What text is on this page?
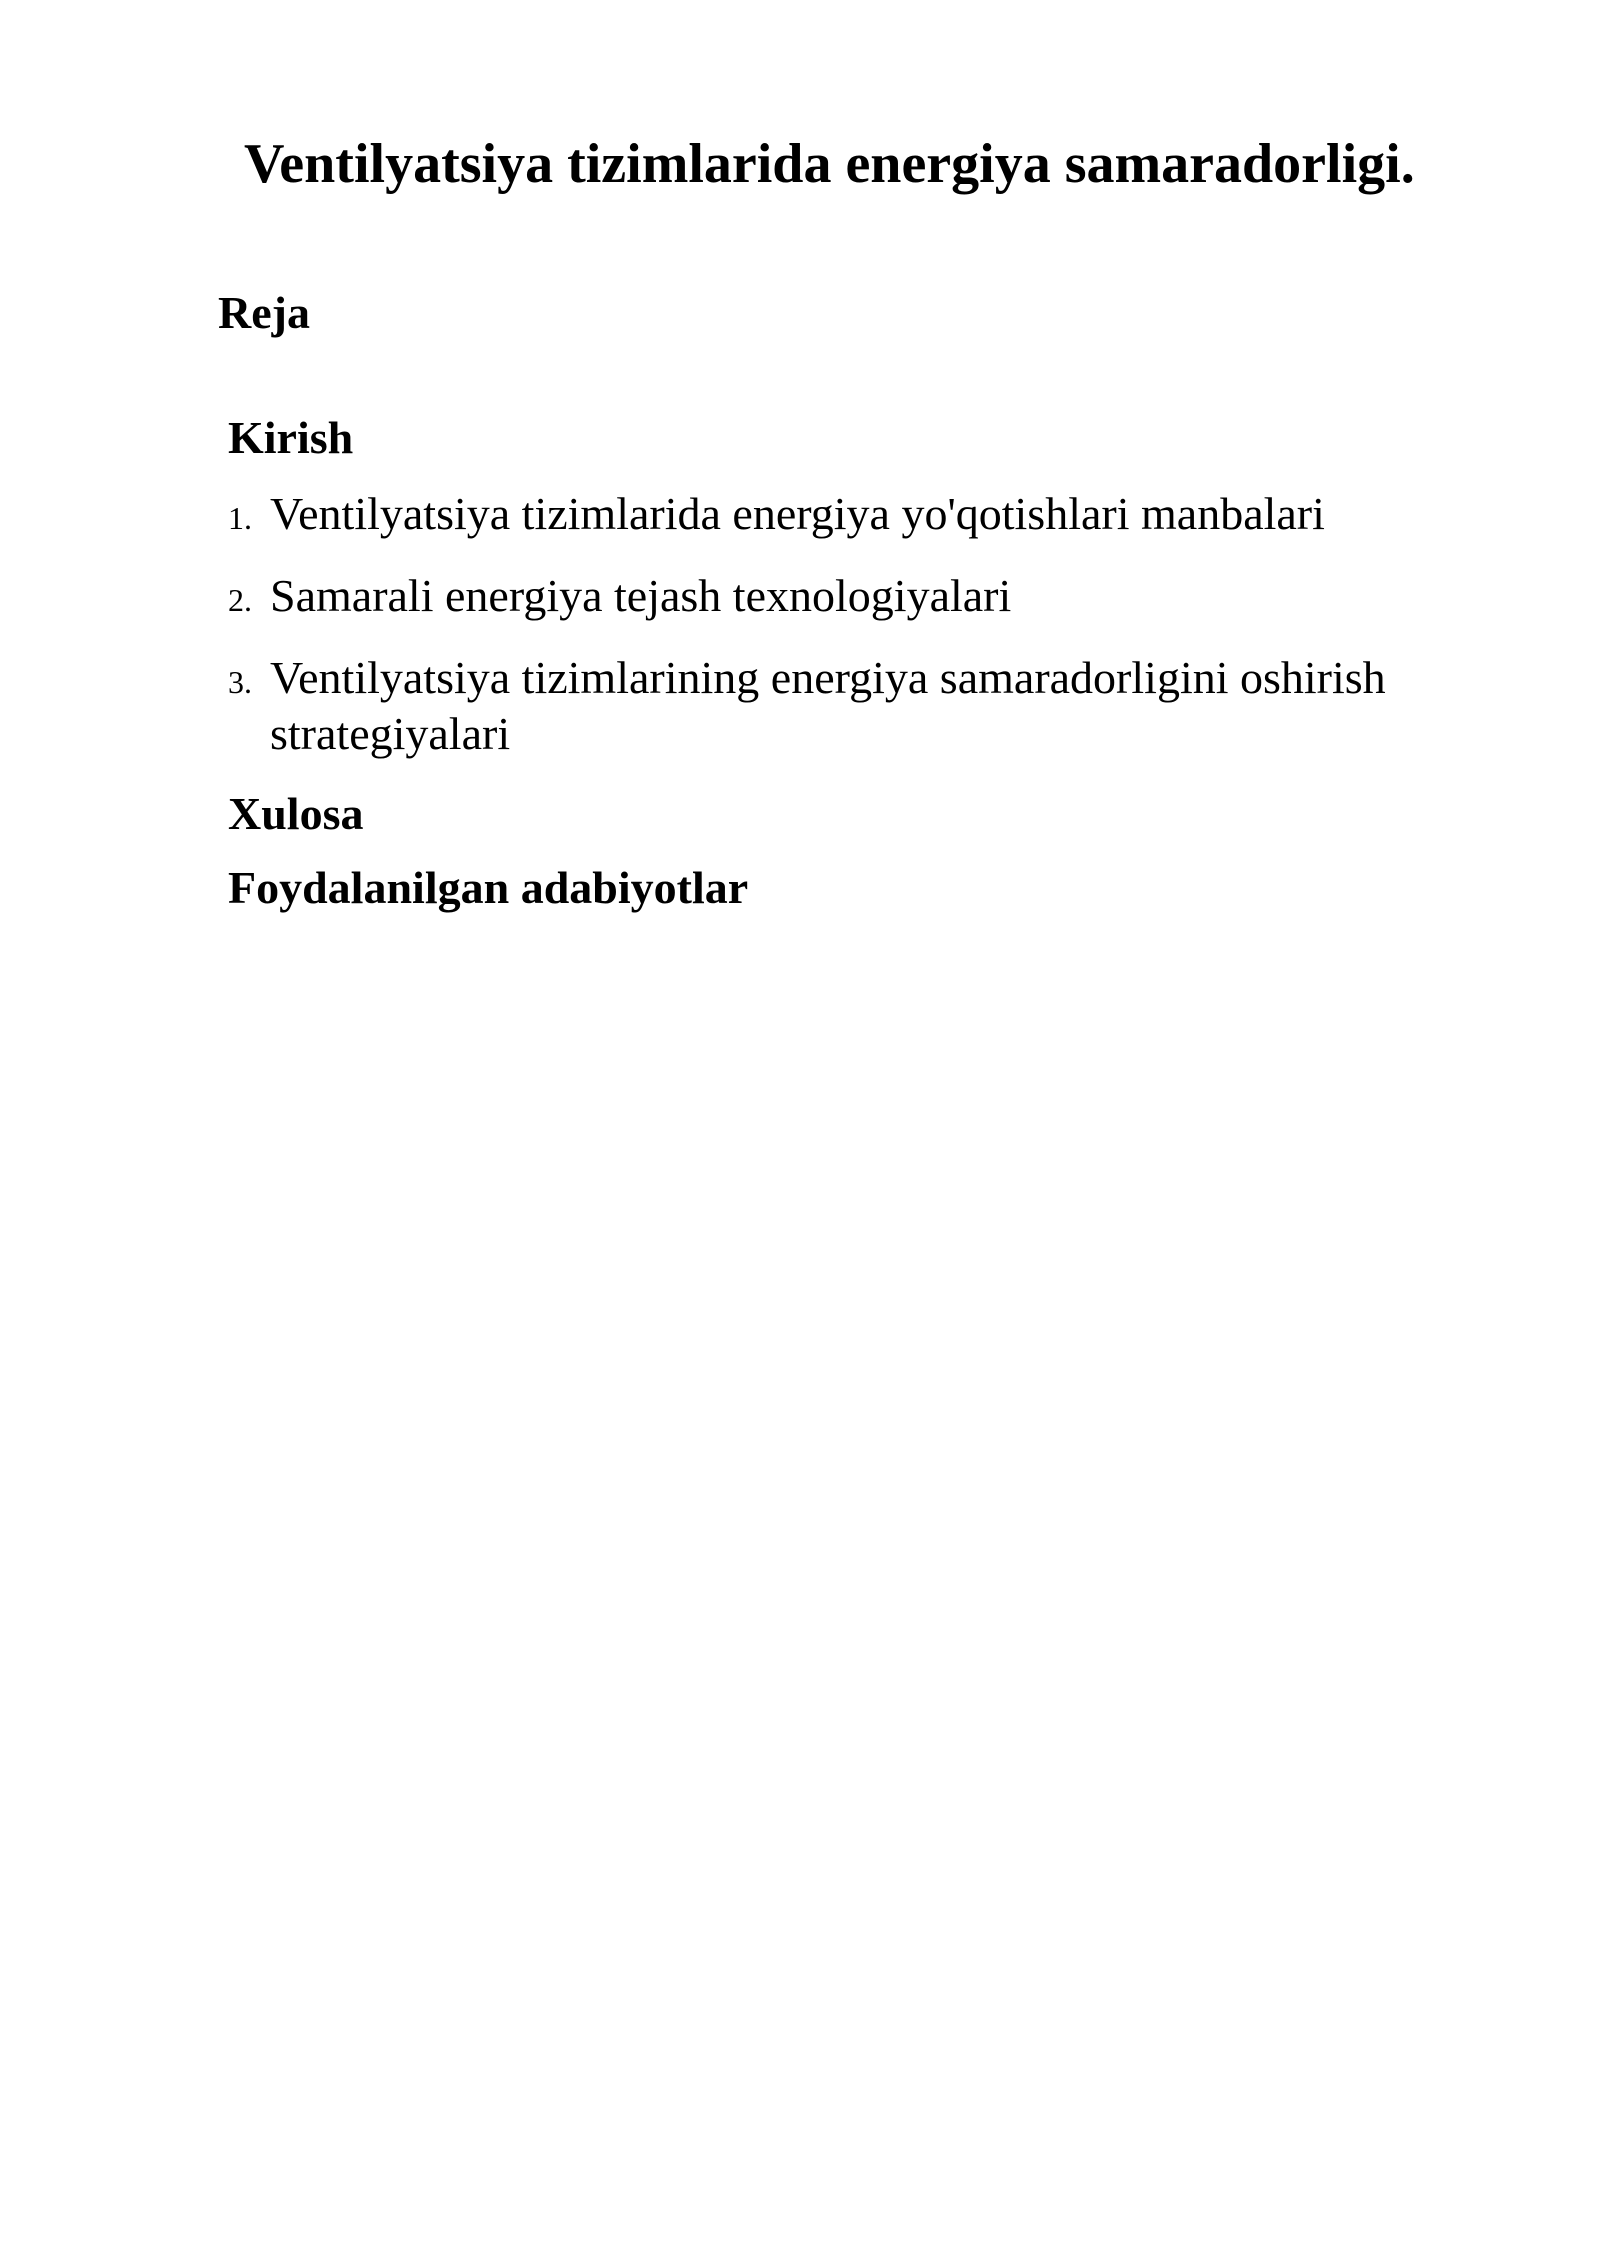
Ventilyatsiya tizimlarida energiya samaradorligi.
Reja
Kirish
1. Ventilyatsiya tizimlarida energiya yo'qotishlari manbalari
2. Samarali energiya tejash texnologiyalari
3. Ventilyatsiya tizimlarining energiya samaradorligini oshirish strategiyalari
Xulosa
Foydalanilgan adabiyotlar
